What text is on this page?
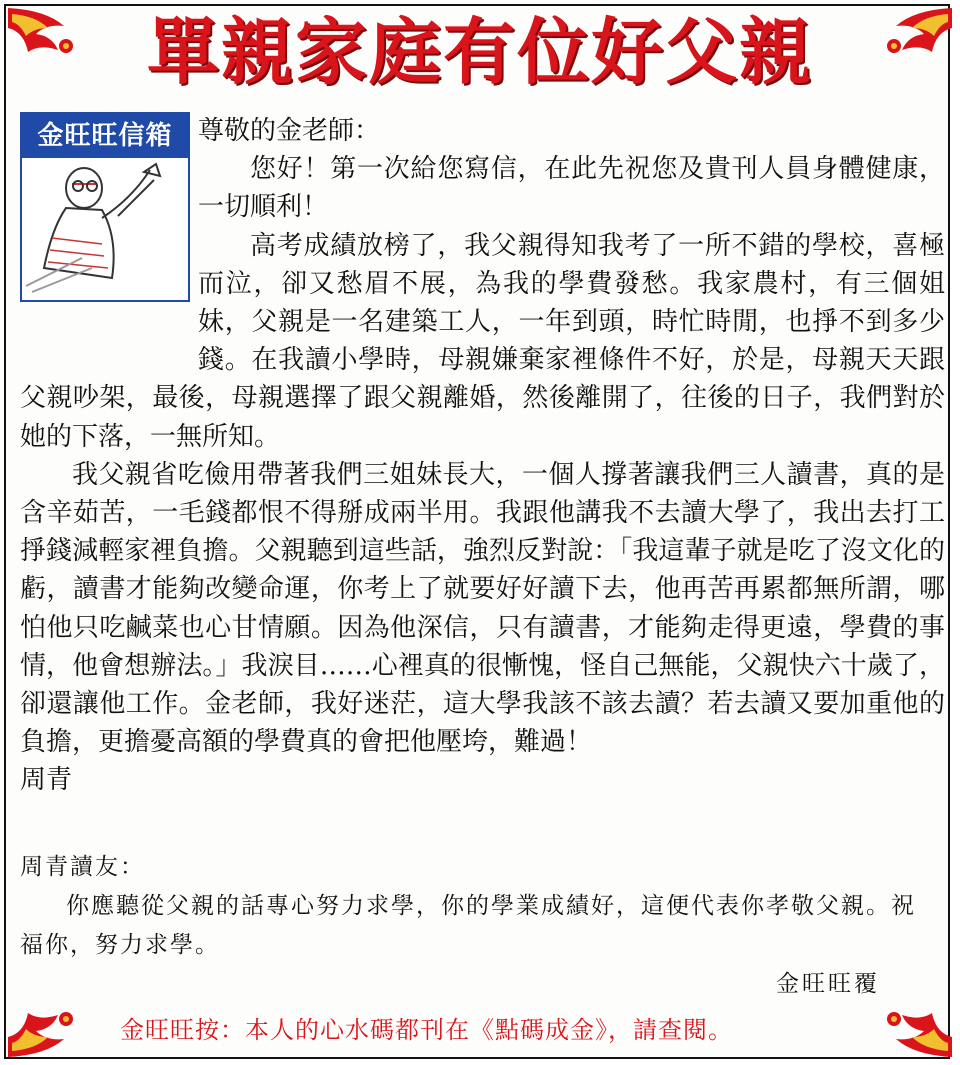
單親家庭有位好父親
金旺旺信箱 尊敬的金老師：

您好！第一次給您寫信，在此先祝您及貴刊人員身體健康，一切順利！

高考成績放榜了，我父親得知我考了一所不錯的學校，喜極而泣，卻又愁眉不展，為我的學費發愁。我家農村，有三個姐妹，父親是一名建築工人，一年到頭，時忙時閒，也掙不到多少錢。在我讀小學時，母親嫌棄家裡條件不好，於是，母親天天跟父親吵架，最後，母親選擇了跟父親離婚，然後離開了，往後的日子，我們對於她的下落，一無所知。

我父親省吃儉用帶著我們三姐妹長大，一個人撐著讓我們三人讀書，真的是含辛茹苦，一毛錢都恨不得掰成兩半用。我跟他講我不去讀大學了，我出去打工掙錢減輕家裡負擔。父親聽到這些話，強烈反對說：「我這輩子就是吃了沒文化的虧，讀書才能夠改變命運，你考上了就要好好讀下去，他再苦再累都無所謂，哪怕他只吃鹹菜也心甘情願。因為他深信，只有讀書，才能夠走得更遠，學費的事情，他會想辦法。」我淚目……心裡真的很慚愧，怪自己無能，父親快六十歲了，卻還讓他工作。金老師，我好迷茫，這大學我該不該去讀？若去讀又要加重他的負擔，更擔憂高額的學費真的會把他壓垮，難過！

周青

周青讀友：

你應聽從父親的話專心努力求學，你的學業成績好，這便代表你孝敬父親。祝福你，努力求學。

金旺旺覆
金旺旺按：本人的心水碼都刊在《點碼成金》，請查閱。
